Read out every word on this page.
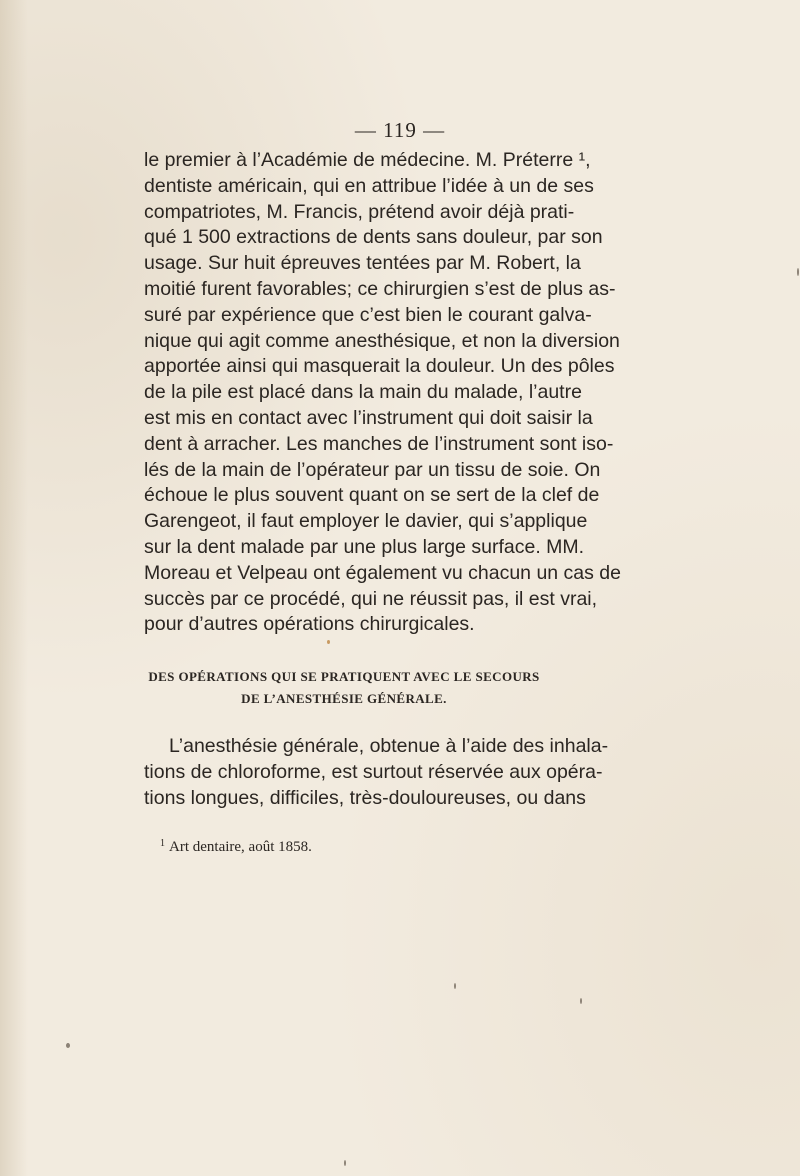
— 119 —
le premier à l’Académie de médecine. M. Préterre ¹,
dentiste américain, qui en attribue l’idée à un de ses
compatriotes, M. Francis, prétend avoir déjà prati-
qué 1 500 extractions de dents sans douleur, par son
usage. Sur huit épreuves tentées par M. Robert, la
moitié furent favorables; ce chirurgien s’est de plus as-
suré par expérience que c’est bien le courant galva-
nique qui agit comme anesthésique, et non la diversion
apportée ainsi qui masquerait la douleur. Un des pôles
de la pile est placé dans la main du malade, l’autre
est mis en contact avec l’instrument qui doit saisir la
dent à arracher. Les manches de l’instrument sont iso-
lés de la main de l’opérateur par un tissu de soie. On
échoue le plus souvent quant on se sert de la clef de
Garengeot, il faut employer le davier, qui s’applique
sur la dent malade par une plus large surface. MM.
Moreau et Velpeau ont également vu chacun un cas de
succès par ce procédé, qui ne réussit pas, il est vrai,
pour d’autres opérations chirurgicales.
DES OPÉRATIONS QUI SE PRATIQUENT AVEC LE SECOURS
DE L’ANESTHÉSIE GÉNÉRALE.
L’anesthésie générale, obtenue à l’aide des inhala-
tions de chloroforme, est surtout réservée aux opéra-
tions longues, difficiles, très-douloureuses, ou dans
$^1$ Art dentaire, août 1858.
